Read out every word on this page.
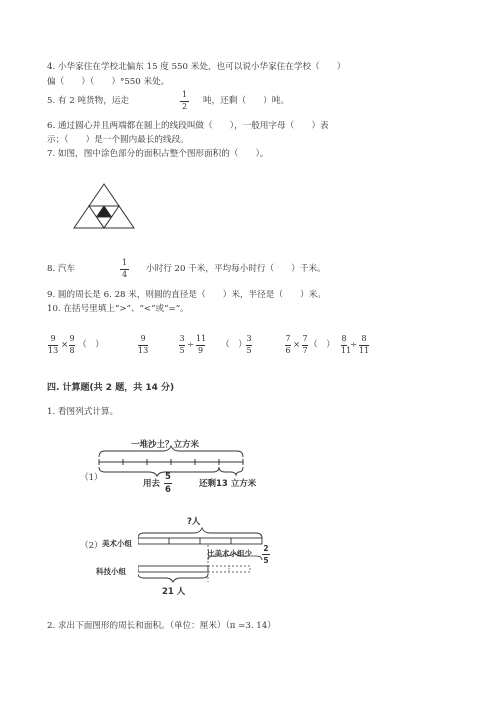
4. 小华家住在学校北偏东 15 度 550 米处，也可以说小华家住在学校（　　）
偏（　　）（　　）°550 米处。
5. 有 2 吨货物，运走
1
2
吨，还剩（　　）吨。
6. 通过圆心并且两端都在圆上的线段叫做（　　），一般用字母（　　）表
示；（　　）是一个圆内最长的线段。
7. 如图，图中涂色部分的面积占整个图形面积的（　　）。
8. 汽车
1
4
小时行 20 千米，平均每小时行（　　）千米。
9. 圆的周长是 6. 28 米，则圆的直径是（　　）米，半径是（　　）米。
10. 在括号里填上“>”、“<”或“=”。
9
13
×
9
8
（　）
9
13
3
5
÷
11
9
（　）
3
5
7
6
×
7
7
（　）
8
11
÷
8
11
四. 计算题(共 2 题，共 14 分)
1. 看图列式计算。
（1）
一堆沙土？立方米
用去
5
6
还剩13 立方米
?人
（2） 美术小组
科技小组
比美术小组少
2
5
21 人
2. 求出下面图形的周长和面积。（单位：厘米）（π =3. 14）
